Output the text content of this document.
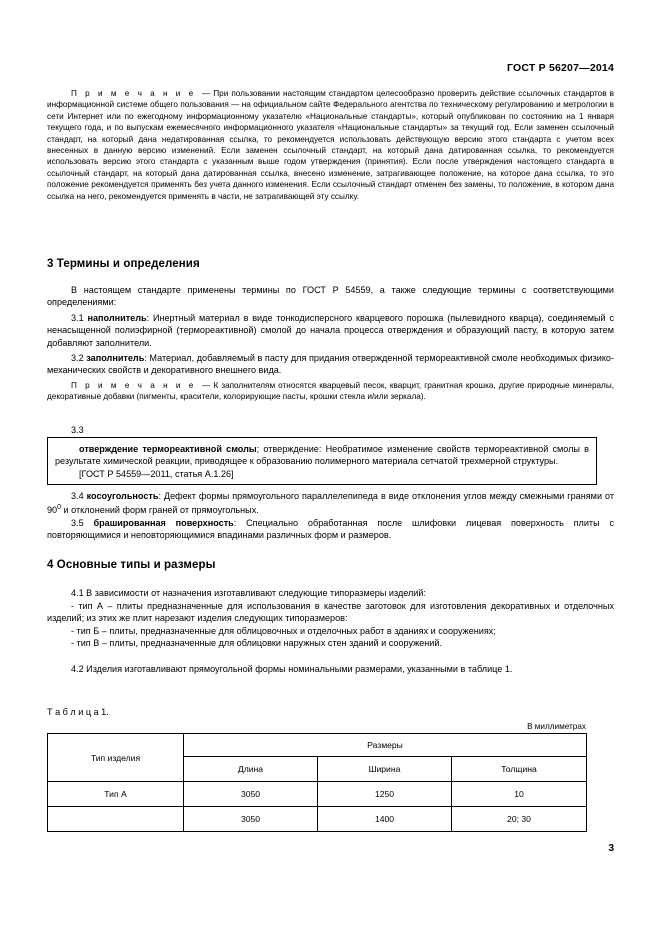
ГОСТ Р 56207—2014

П р и м е ч а н и е — При пользовании настоящим стандартом целесообразно проверить действие ссылочных стандартов в информационной системе общего пользования — на официальном сайте Федерального агентства по техническому регулированию и метрологии в сети Интернет или по ежегодному информационному указателю «Национальные стандарты», который опубликован по состоянию на 1 января текущего года, и по выпускам ежемесячного информационного указателя «Национальные стандарты» за текущий год. Если заменен ссылочный стандарт, на который дана недатированная ссылка, то рекомендуется использовать действующую версию этого стандарта с учетом всех внесенных в данную версию изменений. Если заменен ссылочный стандарт, на который дана датированная ссылка, то рекомендуется использовать версию этого стандарта с указанным выше годом утверждения (принятия). Если после утверждения настоящего стандарта в ссылочный стандарт, на который дана датированная ссылка, внесено изменение, затрагивающее положение, на которое дана ссылка, то это положение рекомендуется применять без учета данного изменения. Если ссылочный стандарт отменен без замены, то положение, в котором дана ссылка на него, рекомендуется применять в части, не затрагивающей эту ссылку.

3 Термины и определения

В настоящем стандарте применены термины по ГОСТ Р 54559, а также следующие термины с соответствующими определениями:

3.1 наполнитель: Инертный материал в виде тонкодисперсного кварцевого порошка (пылевидного кварца), соединяемый с ненасыщенной полиэфирной (термореактивной) смолой до начала процесса отверждения и образующий пасту, в которую затем добавляют заполнители.

3.2 заполнитель: Материал, добавляемый в пасту для придания отвержденной термореактивной смоле необходимых физико-механических свойств и декоративного внешнего вида.

П р и м е ч а н и е — К заполнителям относятся кварцевый песок, кварцит, гранитная крошка, другие природные минералы, декоративные добавки (пигменты, красители, колорирующие пасты, крошки стекла и/или зеркала).

3.3

отверждение термореактивной смолы; отверждение: Необратимое изменение свойств термореактивной смолы в результате химической реакции, приводящее к образованию полимерного материала сетчатой трехмерной структуры.

[ГОСТ Р 54559—2011, статья А.1.26]

3.4 косоугольность: Дефект формы прямоугольного параллелепипеда в виде отклонения углов между смежными гранями от $90^0$ и отклонений форм граней от прямоугольных.

3.5 брашированная поверхность: Специально обработанная после шлифовки лицевая поверхность плиты с повторяющимися и неповторяющимися впадинами различных форм и размеров.

4 Основные типы и размеры

4.1 В зависимости от назначения изготавливают следующие типоразмеры изделий:

- тип А – плиты предназначенные для использования в качестве заготовок для изготовления декоративных и отделочных изделий; из этих же плит нарезают изделия следующих типоразмеров:

- тип Б – плиты, предназначенные для облицовочных и отделочных работ в зданиях и сооружениях;

- тип В – плиты, предназначенные для облицовки наружных стен зданий и сооружений.

4.2 Изделия изготавливают прямоугольной формы номинальными размерами, указанными в таблице 1.

Т а б л и ц а 1.
В миллиметрах
Тип изделия	Размеры		
	Длина	Ширина	Толщина
Тип А	3050	1250	10
	3050	1400	20; 30
3
